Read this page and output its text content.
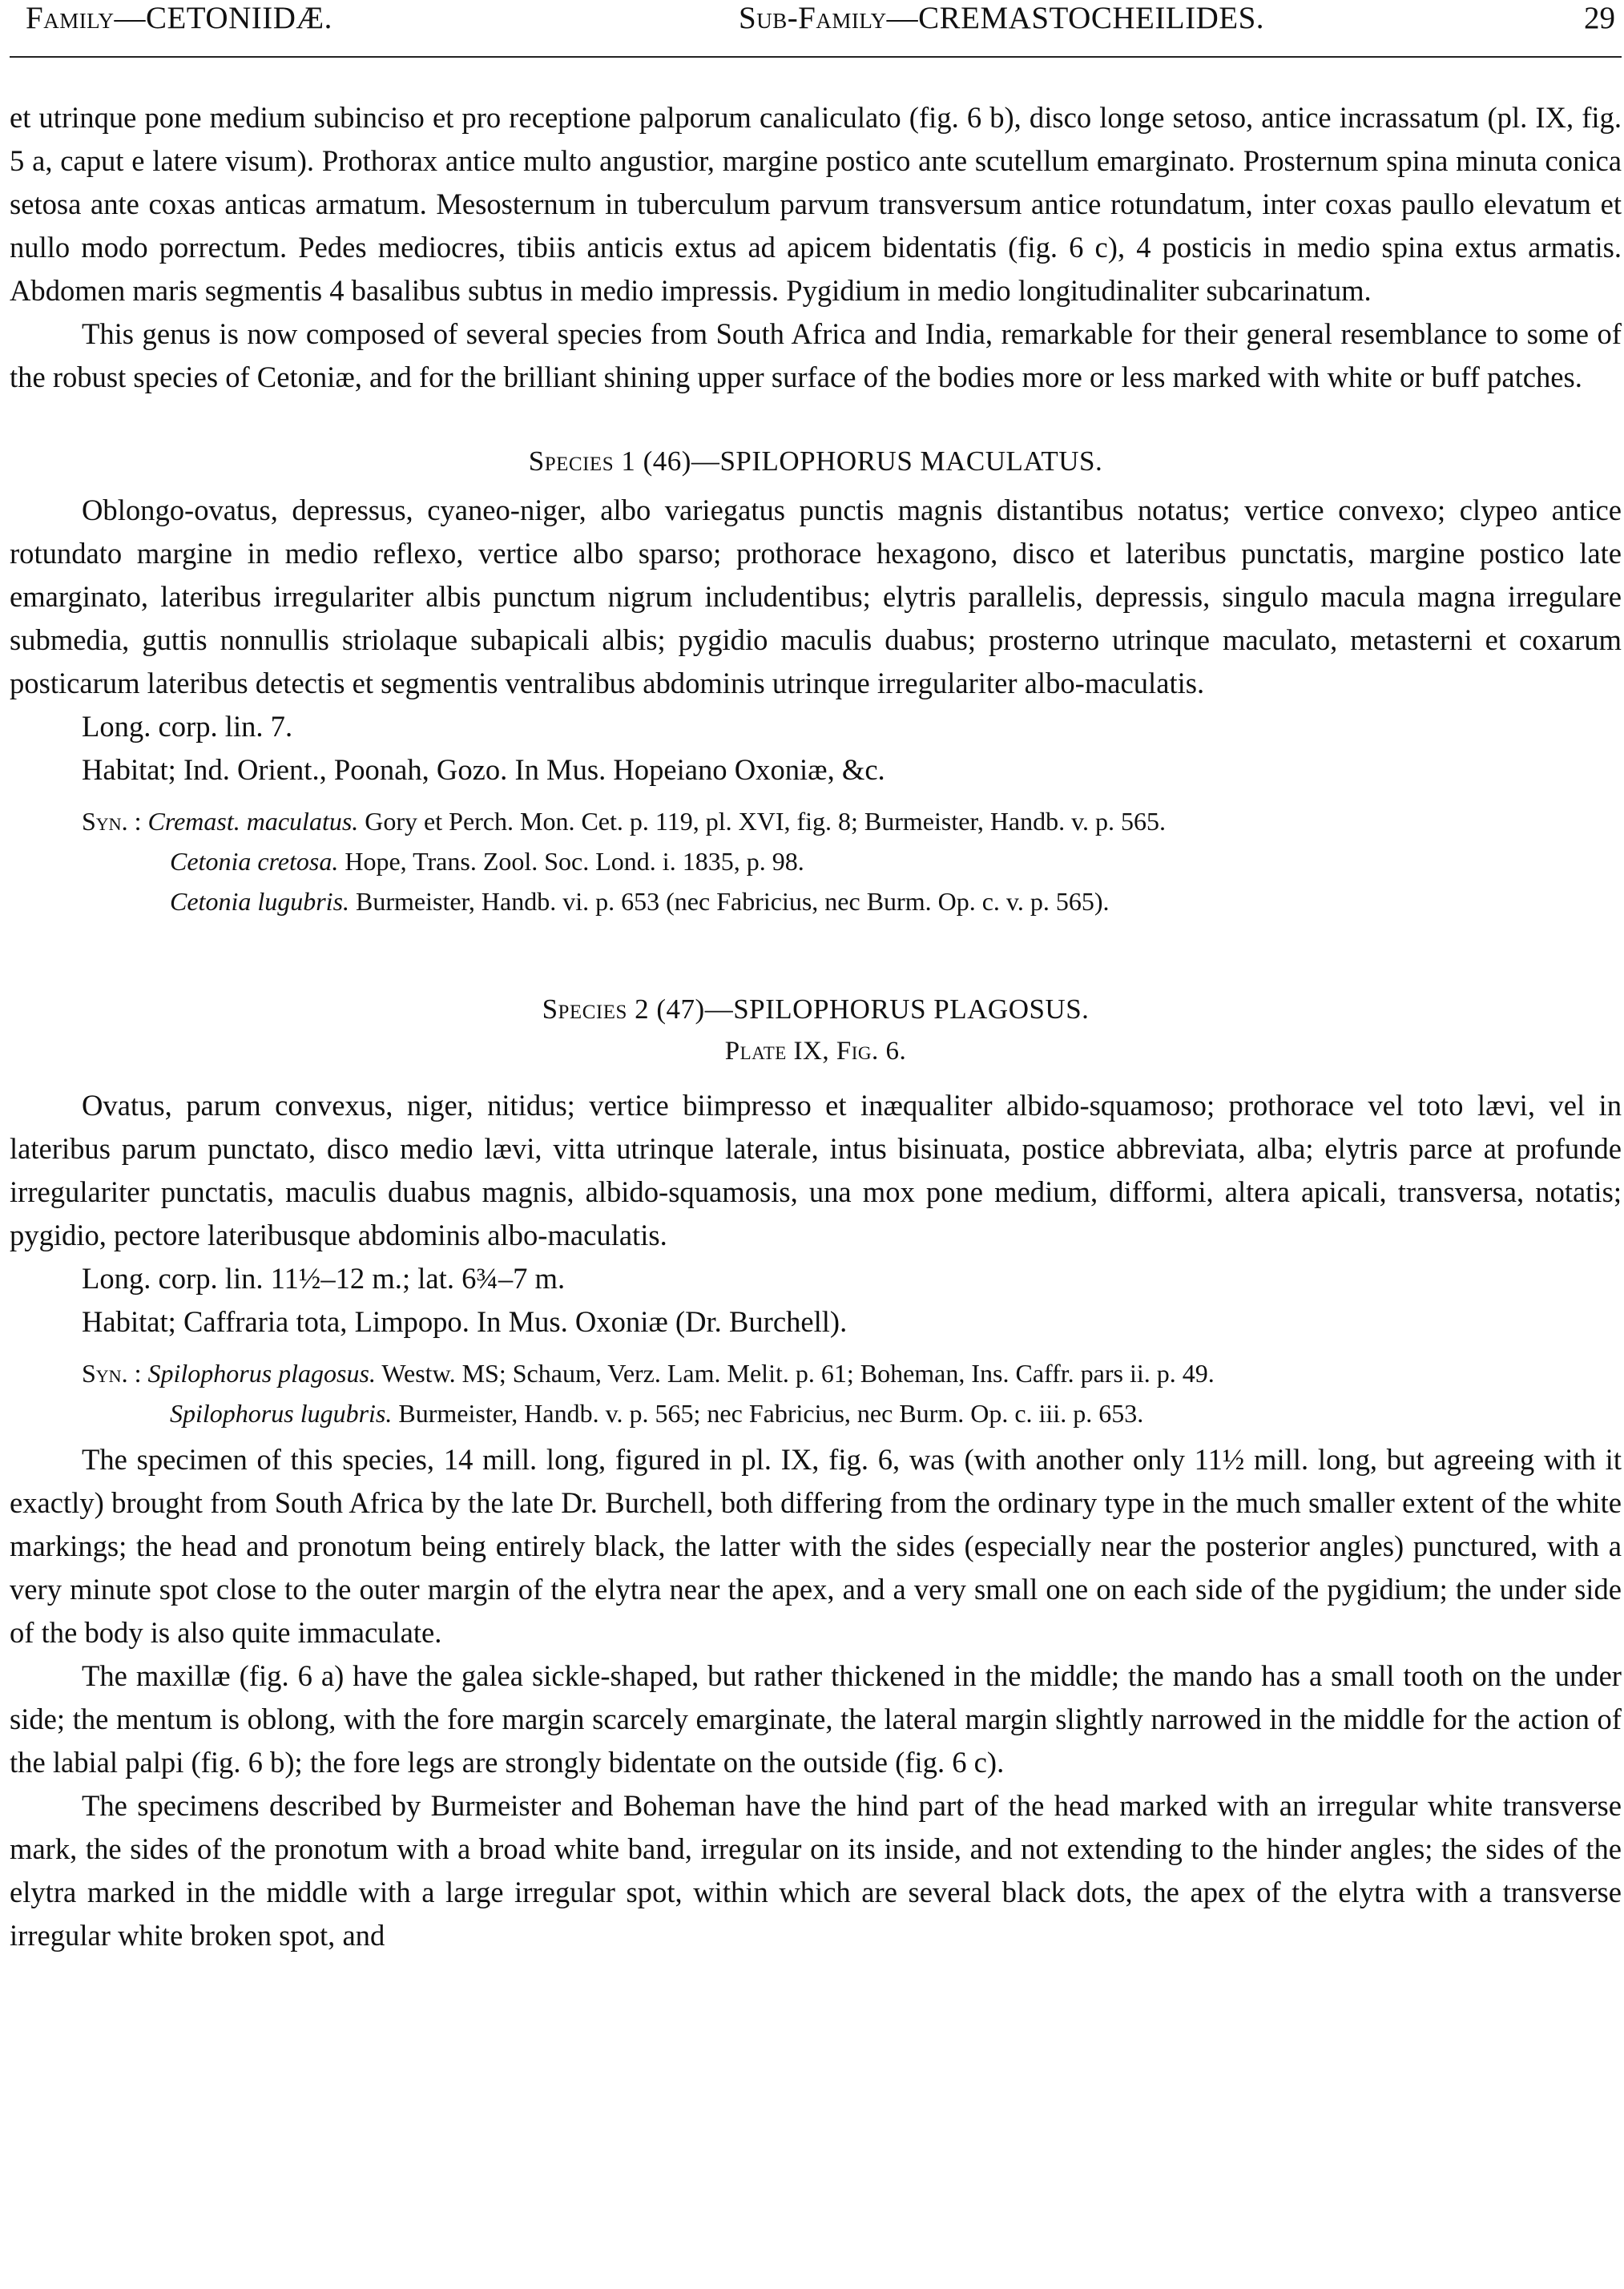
Family—CETONIIDÆ.	Sub-Family—CREMASTOCHEILIDES.	29

et utrinque pone medium subinciso et pro receptione palporum canaliculato (fig. 6 b), disco longe setoso, antice incrassatum (pl. IX, fig. 5 a, caput e latere visum). Prothorax antice multo angustior, margine postico ante scutellum emarginato. Prosternum spina minuta conica setosa ante coxas anticas armatum. Mesosternum in tuberculum parvum transversum antice rotundatum, inter coxas paullo elevatum et nullo modo porrectum. Pedes mediocres, tibiis anticis extus ad apicem bidentatis (fig. 6 c), 4 posticis in medio spina extus armatis. Abdomen maris segmentis 4 basalibus subtus in medio impressis. Pygidium in medio longitudinaliter subcarinatum.

This genus is now composed of several species from South Africa and India, remarkable for their general resemblance to some of the robust species of Cetoniæ, and for the brilliant shining upper surface of the bodies more or less marked with white or buff patches.

Species 1 (46)—SPILOPHORUS MACULATUS.

Oblongo-ovatus, depressus, cyaneo-niger, albo variegatus punctis magnis distantibus notatus; vertice convexo; clypeo antice rotundato margine in medio reflexo, vertice albo sparso; prothorace hexagono, disco et lateribus punctatis, margine postico late emarginato, lateribus irregulariter albis punctum nigrum includentibus; elytris parallelis, depressis, singulo macula magna irregulare submedia, guttis nonnullis striolaque subapicali albis; pygidio maculis duabus; prosterno utrinque maculato, metasterni et coxarum posticarum lateribus detectis et segmentis ventralibus abdominis utrinque irregulariter albo-maculatis.

Long. corp. lin. 7.

Habitat; Ind. Orient., Poonah, Gozo. In Mus. Hopeiano Oxoniæ, &c.

Syn. : Cremast. maculatus. Gory et Perch. Mon. Cet. p. 119, pl. XVI, fig. 8; Burmeister, Handb. v. p. 565.
Cetonia cretosa. Hope, Trans. Zool. Soc. Lond. i. 1835, p. 98.
Cetonia lugubris. Burmeister, Handb. vi. p. 653 (nec Fabricius, nec Burm. Op. c. v. p. 565).
Species 2 (47)—SPILOPHORUS PLAGOSUS.
Plate IX, Fig. 6.

Ovatus, parum convexus, niger, nitidus; vertice biimpresso et inæqualiter albido-squamoso; prothorace vel toto lævi, vel in lateribus parum punctato, disco medio lævi, vitta utrinque laterale, intus bisinuata, postice abbreviata, alba; elytris parce at profunde irregulariter punctatis, maculis duabus magnis, albido-squamosis, una mox pone medium, difformi, altera apicali, transversa, notatis; pygidio, pectore lateribusque abdominis albo-maculatis.

Long. corp. lin. 11½–12 m.; lat. 6¾–7 m.

Habitat; Caffraria tota, Limpopo. In Mus. Oxoniæ (Dr. Burchell).

Syn. : Spilophorus plagosus. Westw. MS; Schaum, Verz. Lam. Melit. p. 61; Boheman, Ins. Caffr. pars ii. p. 49.
Spilophorus lugubris. Burmeister, Handb. v. p. 565; nec Fabricius, nec Burm. Op. c. iii. p. 653.

The specimen of this species, 14 mill. long, figured in pl. IX, fig. 6, was (with another only 11½ mill. long, but agreeing with it exactly) brought from South Africa by the late Dr. Burchell, both differing from the ordinary type in the much smaller extent of the white markings; the head and pronotum being entirely black, the latter with the sides (especially near the posterior angles) punctured, with a very minute spot close to the outer margin of the elytra near the apex, and a very small one on each side of the pygidium; the under side of the body is also quite immaculate.

The maxillæ (fig. 6 a) have the galea sickle-shaped, but rather thickened in the middle; the mando has a small tooth on the under side; the mentum is oblong, with the fore margin scarcely emarginate, the lateral margin slightly narrowed in the middle for the action of the labial palpi (fig. 6 b); the fore legs are strongly bidentate on the outside (fig. 6 c).

The specimens described by Burmeister and Boheman have the hind part of the head marked with an irregular white transverse mark, the sides of the pronotum with a broad white band, irregular on its inside, and not extending to the hinder angles; the sides of the elytra marked in the middle with a large irregular spot, within which are several black dots, the apex of the elytra with a transverse irregular white broken spot, and
